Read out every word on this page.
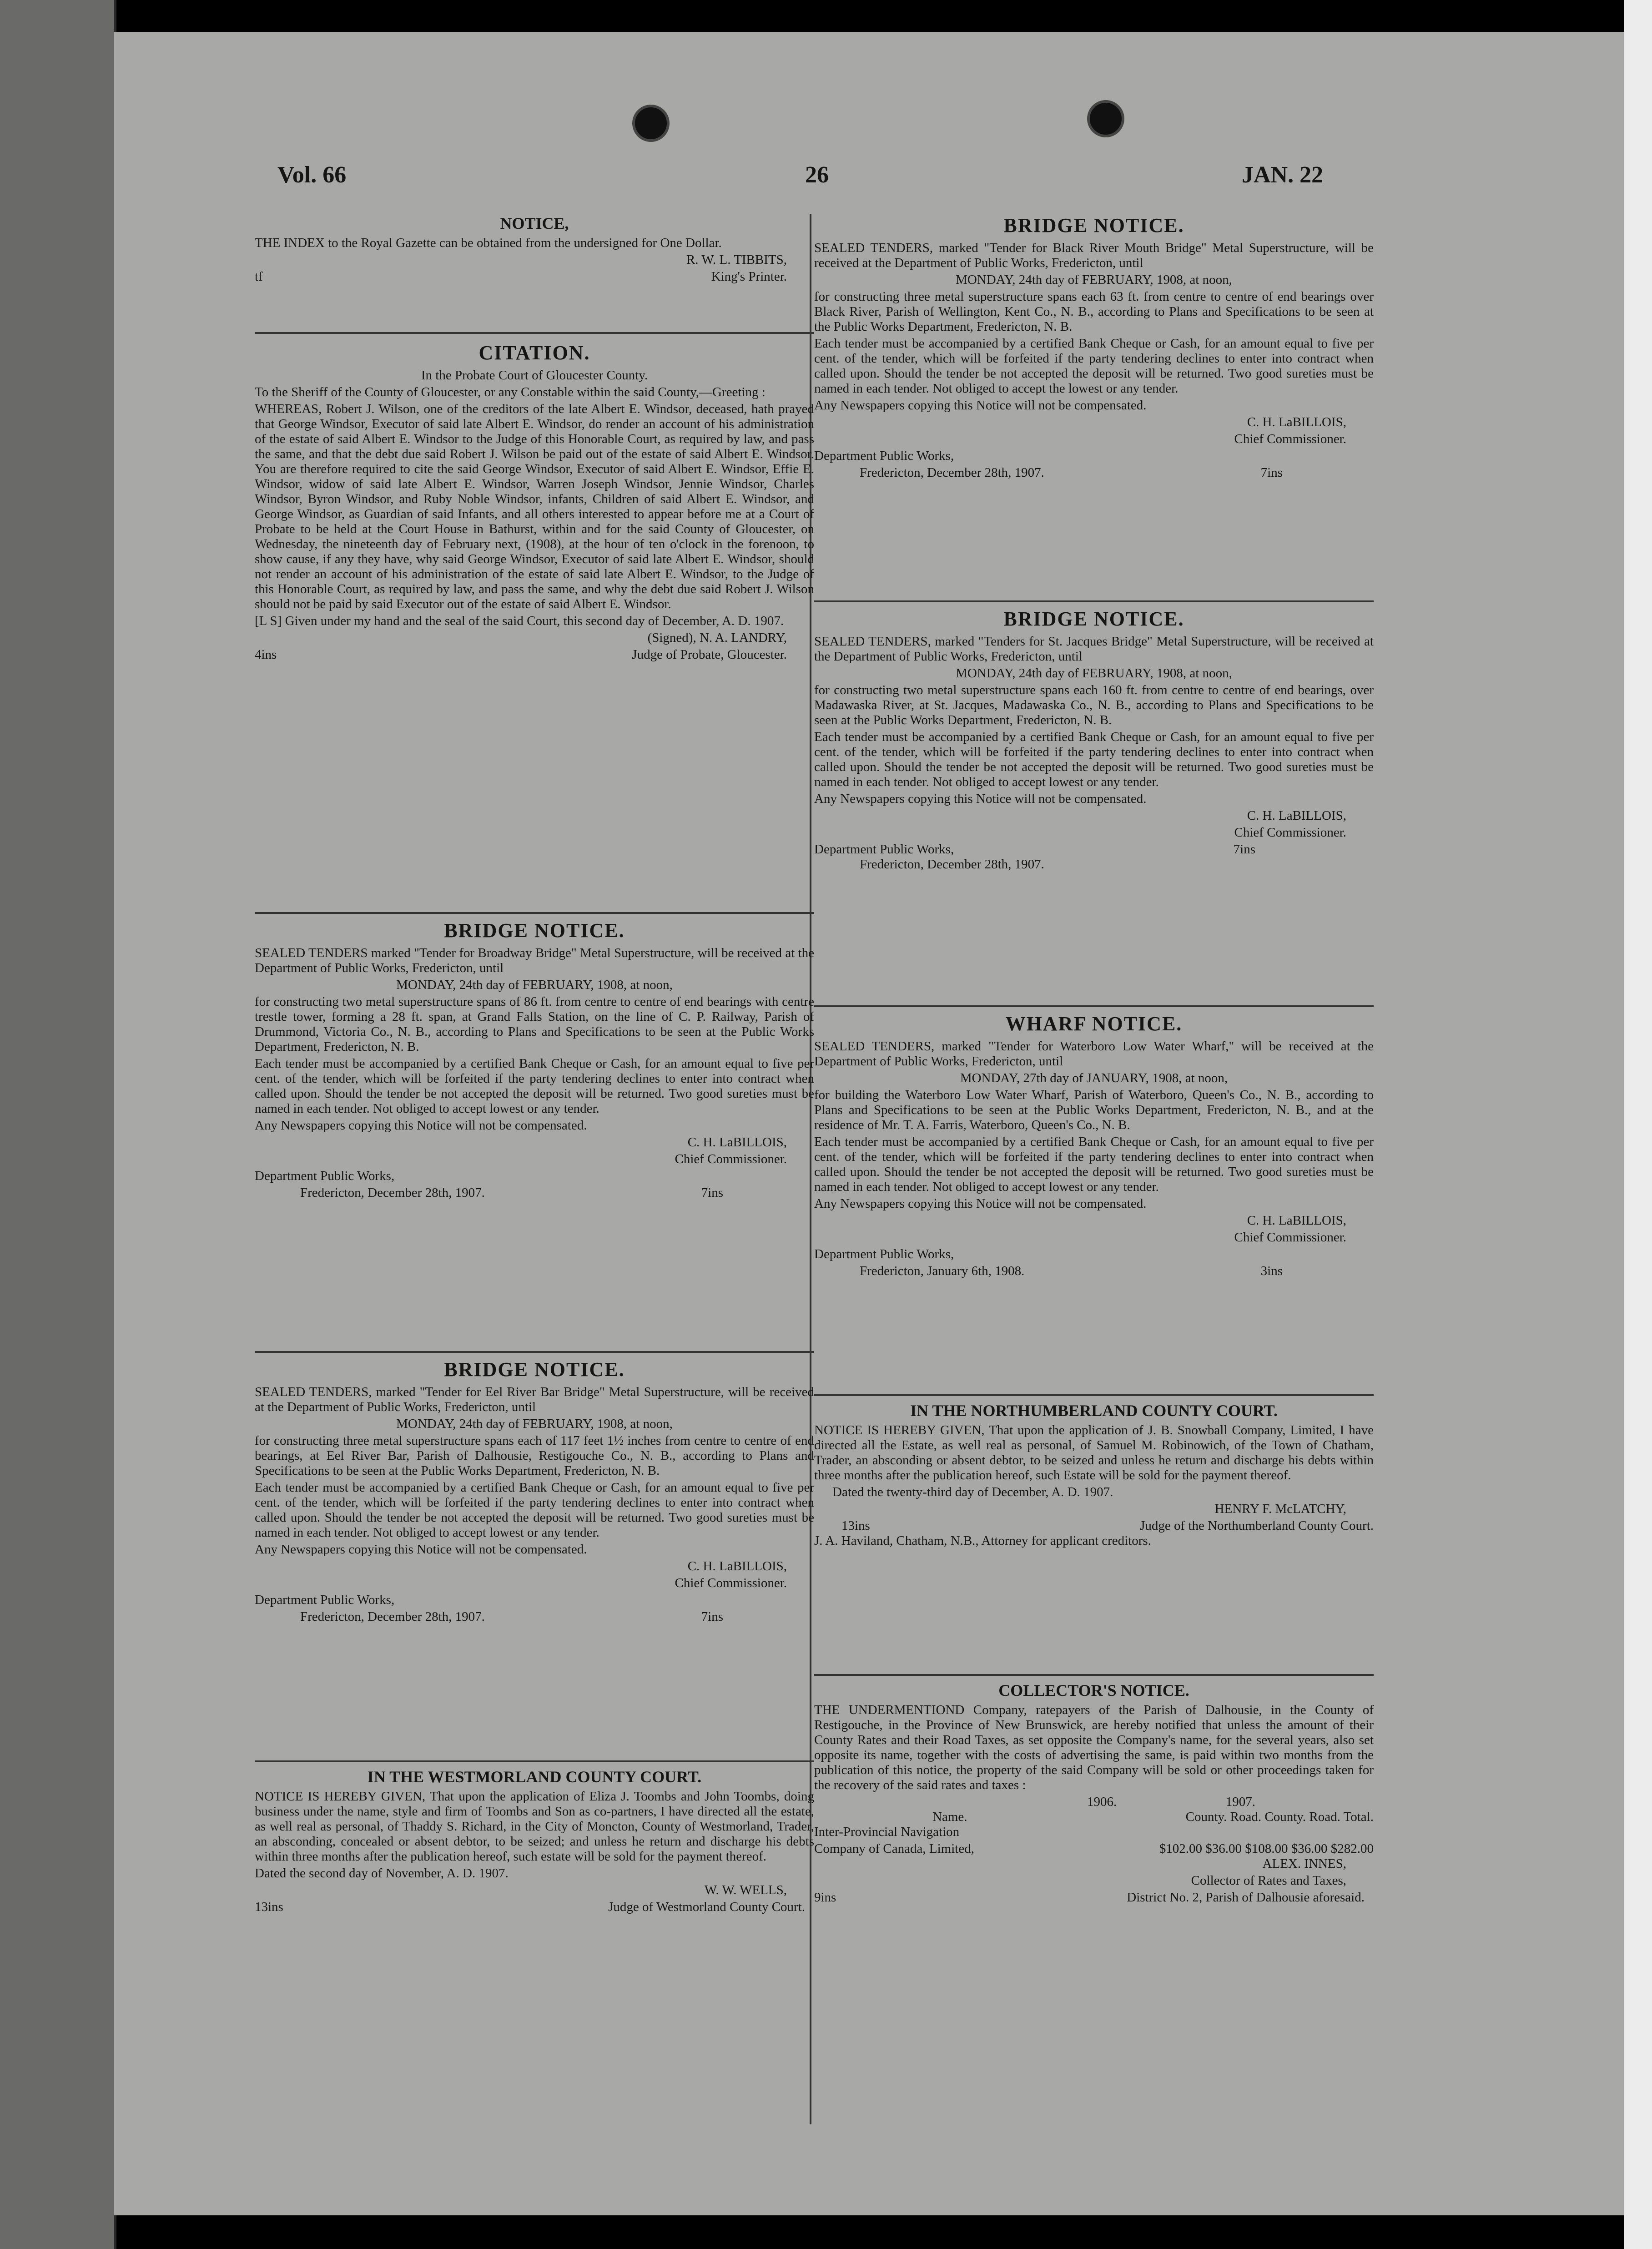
Vol. 66	26	JAN. 22
NOTICE,

THE INDEX to the Royal Gazette can be obtained from the undersigned for One Dollar.

R. W. L. TIBBITS,

tf	King's Printer.
CITATION.

In the Probate Court of Gloucester County.

To the Sheriff of the County of Gloucester, or any Constable within the said County,—Greeting :

WHEREAS, Robert J. Wilson, one of the creditors of the late Albert E. Windsor, deceased, hath prayed that George Windsor, Executor of said late Albert E. Windsor, do render an account of his administration of the estate of said Albert E. Windsor to the Judge of this Honorable Court, as required by law, and pass the same, and that the debt due said Robert J. Wilson be paid out of the estate of said Albert E. Windsor. You are therefore required to cite the said George Windsor, Executor of said Albert E. Windsor, Effie E. Windsor, widow of said late Albert E. Windsor, Warren Joseph Windsor, Jennie Windsor, Charles Windsor, Byron Windsor, and Ruby Noble Windsor, infants, Children of said Albert E. Windsor, and George Windsor, as Guardian of said Infants, and all others interested to appear before me at a Court of Probate to be held at the Court House in Bathurst, within and for the said County of Gloucester, on Wednesday, the nineteenth day of February next, (1908), at the hour of ten o'clock in the forenoon, to show cause, if any they have, why said George Windsor, Executor of said late Albert E. Windsor, should not render an account of his administration of the estate of said late Albert E. Windsor, to the Judge of this Honorable Court, as required by law, and pass the same, and why the debt due said Robert J. Wilson should not be paid by said Executor out of the estate of said Albert E. Windsor.

[L S] Given under my hand and the seal of the said Court, this second day of December, A. D. 1907.

(Signed), N. A. LANDRY,

4ins	Judge of Probate, Gloucester.
BRIDGE NOTICE.

SEALED TENDERS marked "Tender for Broadway Bridge" Metal Superstructure, will be received at the Department of Public Works, Fredericton, until

MONDAY, 24th day of FEBRUARY, 1908, at noon,

for constructing two metal superstructure spans of 86 ft. from centre to centre of end bearings with centre trestle tower, forming a 28 ft. span, at Grand Falls Station, on the line of C. P. Railway, Parish of Drummond, Victoria Co., N. B., according to Plans and Specifications to be seen at the Public Works Department, Fredericton, N. B.

Each tender must be accompanied by a certified Bank Cheque or Cash, for an amount equal to five per cent. of the tender, which will be forfeited if the party tendering declines to enter into contract when called upon. Should the tender be not accepted the deposit will be returned. Two good sureties must be named in each tender. Not obliged to accept lowest or any tender.

Any Newspapers copying this Notice will not be compensated.

C. H. LaBILLOIS,

Chief Commissioner.

Department Public Works,

Fredericton, December 28th, 1907.	7ins
BRIDGE NOTICE.

SEALED TENDERS, marked "Tender for Eel River Bar Bridge" Metal Superstructure, will be received at the Department of Public Works, Fredericton, until

MONDAY, 24th day of FEBRUARY, 1908, at noon,

for constructing three metal superstructure spans each of 117 feet 1½ inches from centre to centre of end bearings, at Eel River Bar, Parish of Dalhousie, Restigouche Co., N. B., according to Plans and Specifications to be seen at the Public Works Department, Fredericton, N. B.

Each tender must be accompanied by a certified Bank Cheque or Cash, for an amount equal to five per cent. of the tender, which will be forfeited if the party tendering declines to enter into contract when called upon. Should the tender be not accepted the deposit will be returned. Two good sureties must be named in each tender. Not obliged to accept lowest or any tender.

Any Newspapers copying this Notice will not be compensated.

C. H. LaBILLOIS,

Chief Commissioner.

Department Public Works,

Fredericton, December 28th, 1907.	7ins
IN THE WESTMORLAND COUNTY COURT.

NOTICE IS HEREBY GIVEN, That upon the application of Eliza J. Toombs and John Toombs, doing business under the name, style and firm of Toombs and Son as co-partners, I have directed all the estate, as well real as personal, of Thaddy S. Richard, in the City of Moncton, County of Westmorland, Trader, an absconding, concealed or absent debtor, to be seized; and unless he return and discharge his debts within three months after the publication hereof, such estate will be sold for the payment thereof.

Dated the second day of November, A. D. 1907.

W. W. WELLS,

13ins	Judge of Westmorland County Court.
BRIDGE NOTICE.

SEALED TENDERS, marked "Tender for Black River Mouth Bridge" Metal Superstructure, will be received at the Department of Public Works, Fredericton, until

MONDAY, 24th day of FEBRUARY, 1908, at noon,

for constructing three metal superstructure spans each 63 ft. from centre to centre of end bearings over Black River, Parish of Wellington, Kent Co., N. B., according to Plans and Specifications to be seen at the Public Works Department, Fredericton, N. B.

Each tender must be accompanied by a certified Bank Cheque or Cash, for an amount equal to five per cent. of the tender, which will be forfeited if the party tendering declines to enter into contract when called upon. Should the tender be not accepted the deposit will be returned. Two good sureties must be named in each tender. Not obliged to accept the lowest or any tender.

Any Newspapers copying this Notice will not be compensated.

C. H. LaBILLOIS,

Chief Commissioner.

Department Public Works,

Fredericton, December 28th, 1907.	7ins
BRIDGE NOTICE.

SEALED TENDERS, marked "Tenders for St. Jacques Bridge" Metal Superstructure, will be received at the Department of Public Works, Fredericton, until

MONDAY, 24th day of FEBRUARY, 1908, at noon,

for constructing two metal superstructure spans each 160 ft. from centre to centre of end bearings, over Madawaska River, at St. Jacques, Madawaska Co., N. B., according to Plans and Specifications to be seen at the Public Works Department, Fredericton, N. B.

Each tender must be accompanied by a certified Bank Cheque or Cash, for an amount equal to five per cent. of the tender, which will be forfeited if the party tendering declines to enter into contract when called upon. Should the tender be not accepted the deposit will be returned. Two good sureties must be named in each tender. Not obliged to accept lowest or any tender.

Any Newspapers copying this Notice will not be compensated.

C. H. LaBILLOIS,

Chief Commissioner.

Department Public Works,	7ins

Fredericton, December 28th, 1907.

WHARF NOTICE.

SEALED TENDERS, marked "Tender for Waterboro Low Water Wharf," will be received at the Department of Public Works, Fredericton, until

MONDAY, 27th day of JANUARY, 1908, at noon,

for building the Waterboro Low Water Wharf, Parish of Waterboro, Queen's Co., N. B., according to Plans and Specifications to be seen at the Public Works Department, Fredericton, N. B., and at the residence of Mr. T. A. Farris, Waterboro, Queen's Co., N. B.

Each tender must be accompanied by a certified Bank Cheque or Cash, for an amount equal to five per cent. of the tender, which will be forfeited if the party tendering declines to enter into contract when called upon. Should the tender be not accepted the deposit will be returned. Two good sureties must be named in each tender. Not obliged to accept lowest or any tender.

Any Newspapers copying this Notice will not be compensated.

C. H. LaBILLOIS,

Chief Commissioner.

Department Public Works,

Fredericton, January 6th, 1908.	3ins
IN THE NORTHUMBERLAND COUNTY COURT.

NOTICE IS HEREBY GIVEN, That upon the application of J. B. Snowball Company, Limited, I have directed all the Estate, as well real as personal, of Samuel M. Robinowich, of the Town of Chatham, Trader, an absconding or absent debtor, to be seized and unless he return and discharge his debts within three months after the publication hereof, such Estate will be sold for the payment thereof.

Dated the twenty-third day of December, A. D. 1907.

HENRY F. McLATCHY,

13ins	Judge of the Northumberland County Court.

J. A. Haviland, Chatham, N.B., Attorney for applicant creditors.

COLLECTOR'S NOTICE.

THE UNDERMENTIOND Company, ratepayers of the Parish of Dalhousie, in the County of Restigouche, in the Province of New Brunswick, are hereby notified that unless the amount of their County Rates and their Road Taxes, as set opposite the Company's name, for the several years, also set opposite its name, together with the costs of advertising the same, is paid within two months from the publication of this notice, the property of the said Company will be sold or other proceedings taken for the recovery of the said rates and taxes :

1906.	1907.
Name.	County. Road. County. Road. Total.

Inter-Provincial Navigation

Company of Canada, Limited,	$102.00 $36.00 $108.00 $36.00 $282.00

ALEX. INNES,

Collector of Rates and Taxes,

9ins	District No. 2, Parish of Dalhousie aforesaid.
